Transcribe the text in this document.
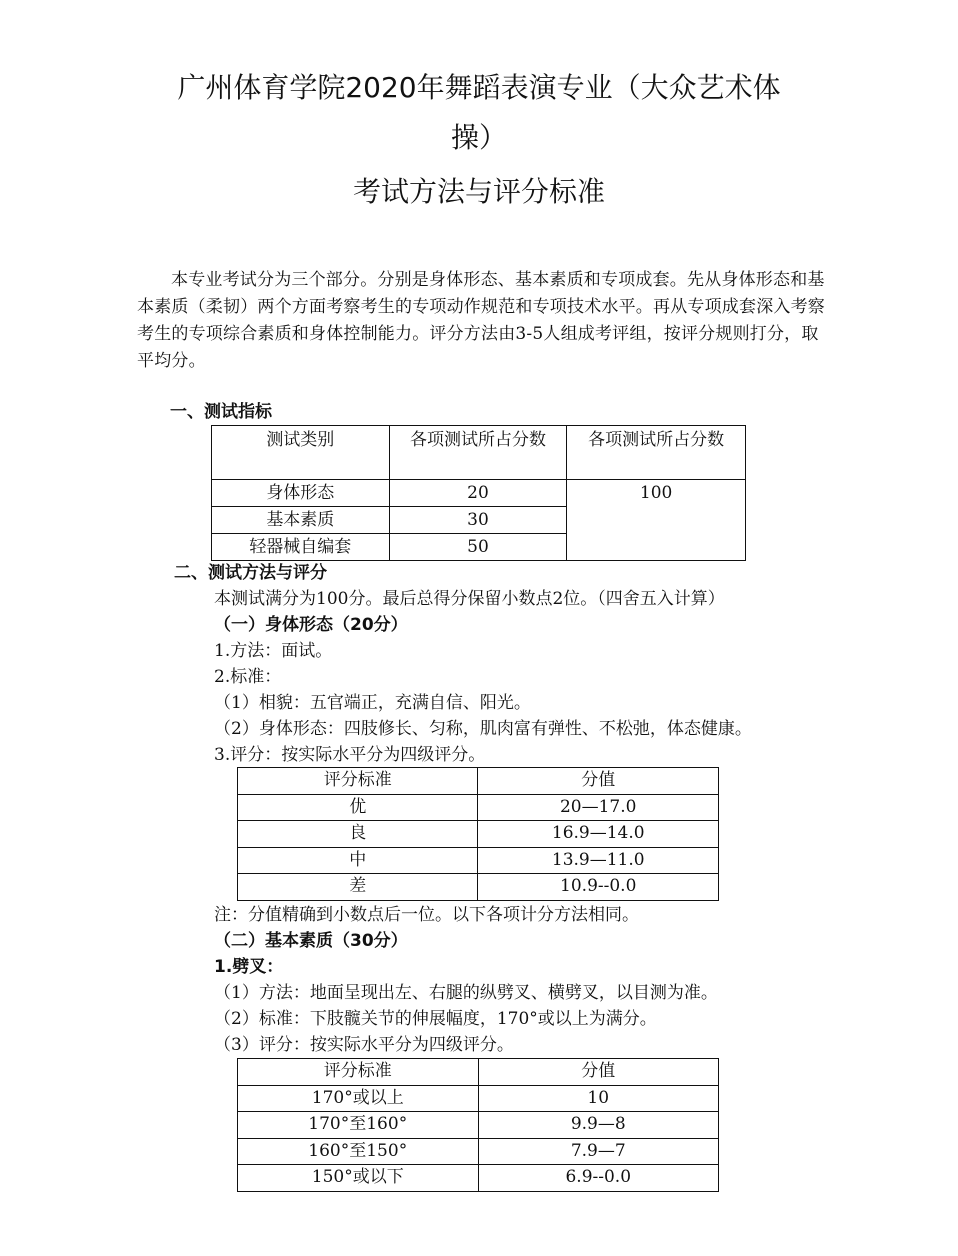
广州体育学院2020年舞蹈表演专业（大众艺术体
操）
考试方法与评分标准
本专业考试分为三个部分。分别是身体形态、基本素质和专项成套。先从身体形态和基本素质（柔韧）两个方面考察考生的专项动作规范和专项技术水平。再从专项成套深入考察考生的专项综合素质和身体控制能力。评分方法由3-5人组成考评组，按评分规则打分，取平均分。
一、测试指标
测试类别	各项测试所占分数	各项测试所占分数
身体形态	20	100
基本素质	30	
轻器械自编套	50	
二、测试方法与评分
本测试满分为100分。最后总得分保留小数点2位。（四舍五入计算）
（一）身体形态（20分）
1.方法：面试。
2.标准：
（1）相貌：五官端正，充满自信、阳光。
（2）身体形态：四肢修长、匀称，肌肉富有弹性、不松弛，体态健康。
3.评分：按实际水平分为四级评分。
评分标准	分值
优	20—17.0
良	16.9—14.0
中	13.9—11.0
差	10.9--0.0
注：分值精确到小数点后一位。以下各项计分方法相同。
（二）基本素质（30分）
1.劈叉：
（1）方法：地面呈现出左、右腿的纵劈叉、横劈叉，以目测为准。
（2）标准：下肢髋关节的伸展幅度，170°或以上为满分。
（3）评分：按实际水平分为四级评分。
评分标准	分值
170°或以上	10
170°至160°	9.9—8
160°至150°	7.9—7
150°或以下	6.9--0.0
